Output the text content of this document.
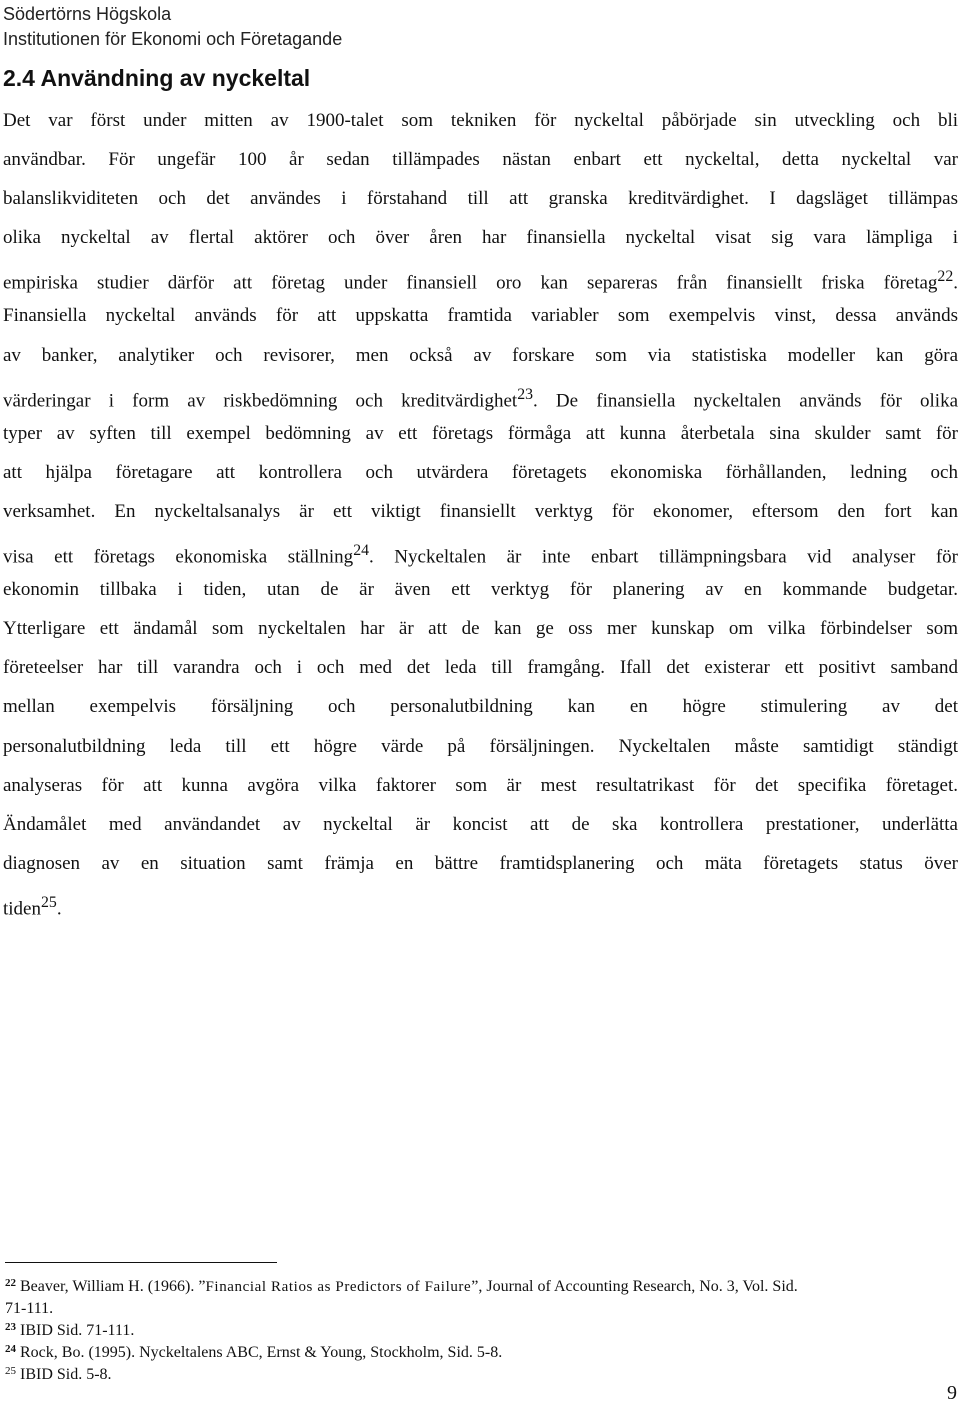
Södertörns Högskola
Institutionen för Ekonomi och Företagande
2.4 Användning av nyckeltal
Det var först under mitten av 1900-talet som tekniken för nyckeltal påbörjade sin utveckling och bli
användbar. För ungefär 100 år sedan tillämpades nästan enbart ett nyckeltal, detta nyckeltal var
balanslikviditeten och det användes i förstahand till att granska kreditvärdighet. I dagsläget tillämpas
olika nyckeltal av flertal aktörer och över åren har finansiella nyckeltal visat sig vara lämpliga i
empiriska studier därför att företag under finansiell oro kan separeras från finansiellt friska företag$^{22}$.
Finansiella nyckeltal används för att uppskatta framtida variabler som exempelvis vinst, dessa används
av banker, analytiker och revisorer, men också av forskare som via statistiska modeller kan göra
värderingar i form av riskbedömning och kreditvärdighet$^{23}$. De finansiella nyckeltalen används för olika
typer av syften till exempel bedömning av ett företags förmåga att kunna återbetala sina skulder samt för
att hjälpa företagare att kontrollera och utvärdera företagets ekonomiska förhållanden, ledning och
verksamhet. En nyckeltalsanalys är ett viktigt finansiellt verktyg för ekonomer, eftersom den fort kan
visa ett företags ekonomiska ställning$^{24}$. Nyckeltalen är inte enbart tillämpningsbara vid analyser för
ekonomin tillbaka i tiden, utan de är även ett verktyg för planering av en kommande budgetar.
Ytterligare ett ändamål som nyckeltalen har är att de kan ge oss mer kunskap om vilka förbindelser som
företeelser har till varandra och i och med det leda till framgång. Ifall det existerar ett positivt samband
mellan exempelvis försäljning och personalutbildning kan en högre stimulering av det
personalutbildning leda till ett högre värde på försäljningen. Nyckeltalen måste samtidigt ständigt
analyseras för att kunna avgöra vilka faktorer som är mest resultatrikast för det specifika företaget.
Ändamålet med användandet av nyckeltal är koncist att de ska kontrollera prestationer, underlätta
diagnosen av en situation samt främja en bättre framtidsplanering och mäta företagets status över
tiden$^{25}$.
$^{22}$ Beaver, William H. (1966). ”Financial Ratios as Predictors of Failure”, Journal of Accounting Research, No. 3, Vol. Sid.
71-111.
$^{23}$ IBID Sid. 71-111.
$^{24}$ Rock, Bo. (1995). Nyckeltalens ABC, Ernst & Young, Stockholm, Sid. 5-8.
$^{25}$ IBID Sid. 5-8.
9
